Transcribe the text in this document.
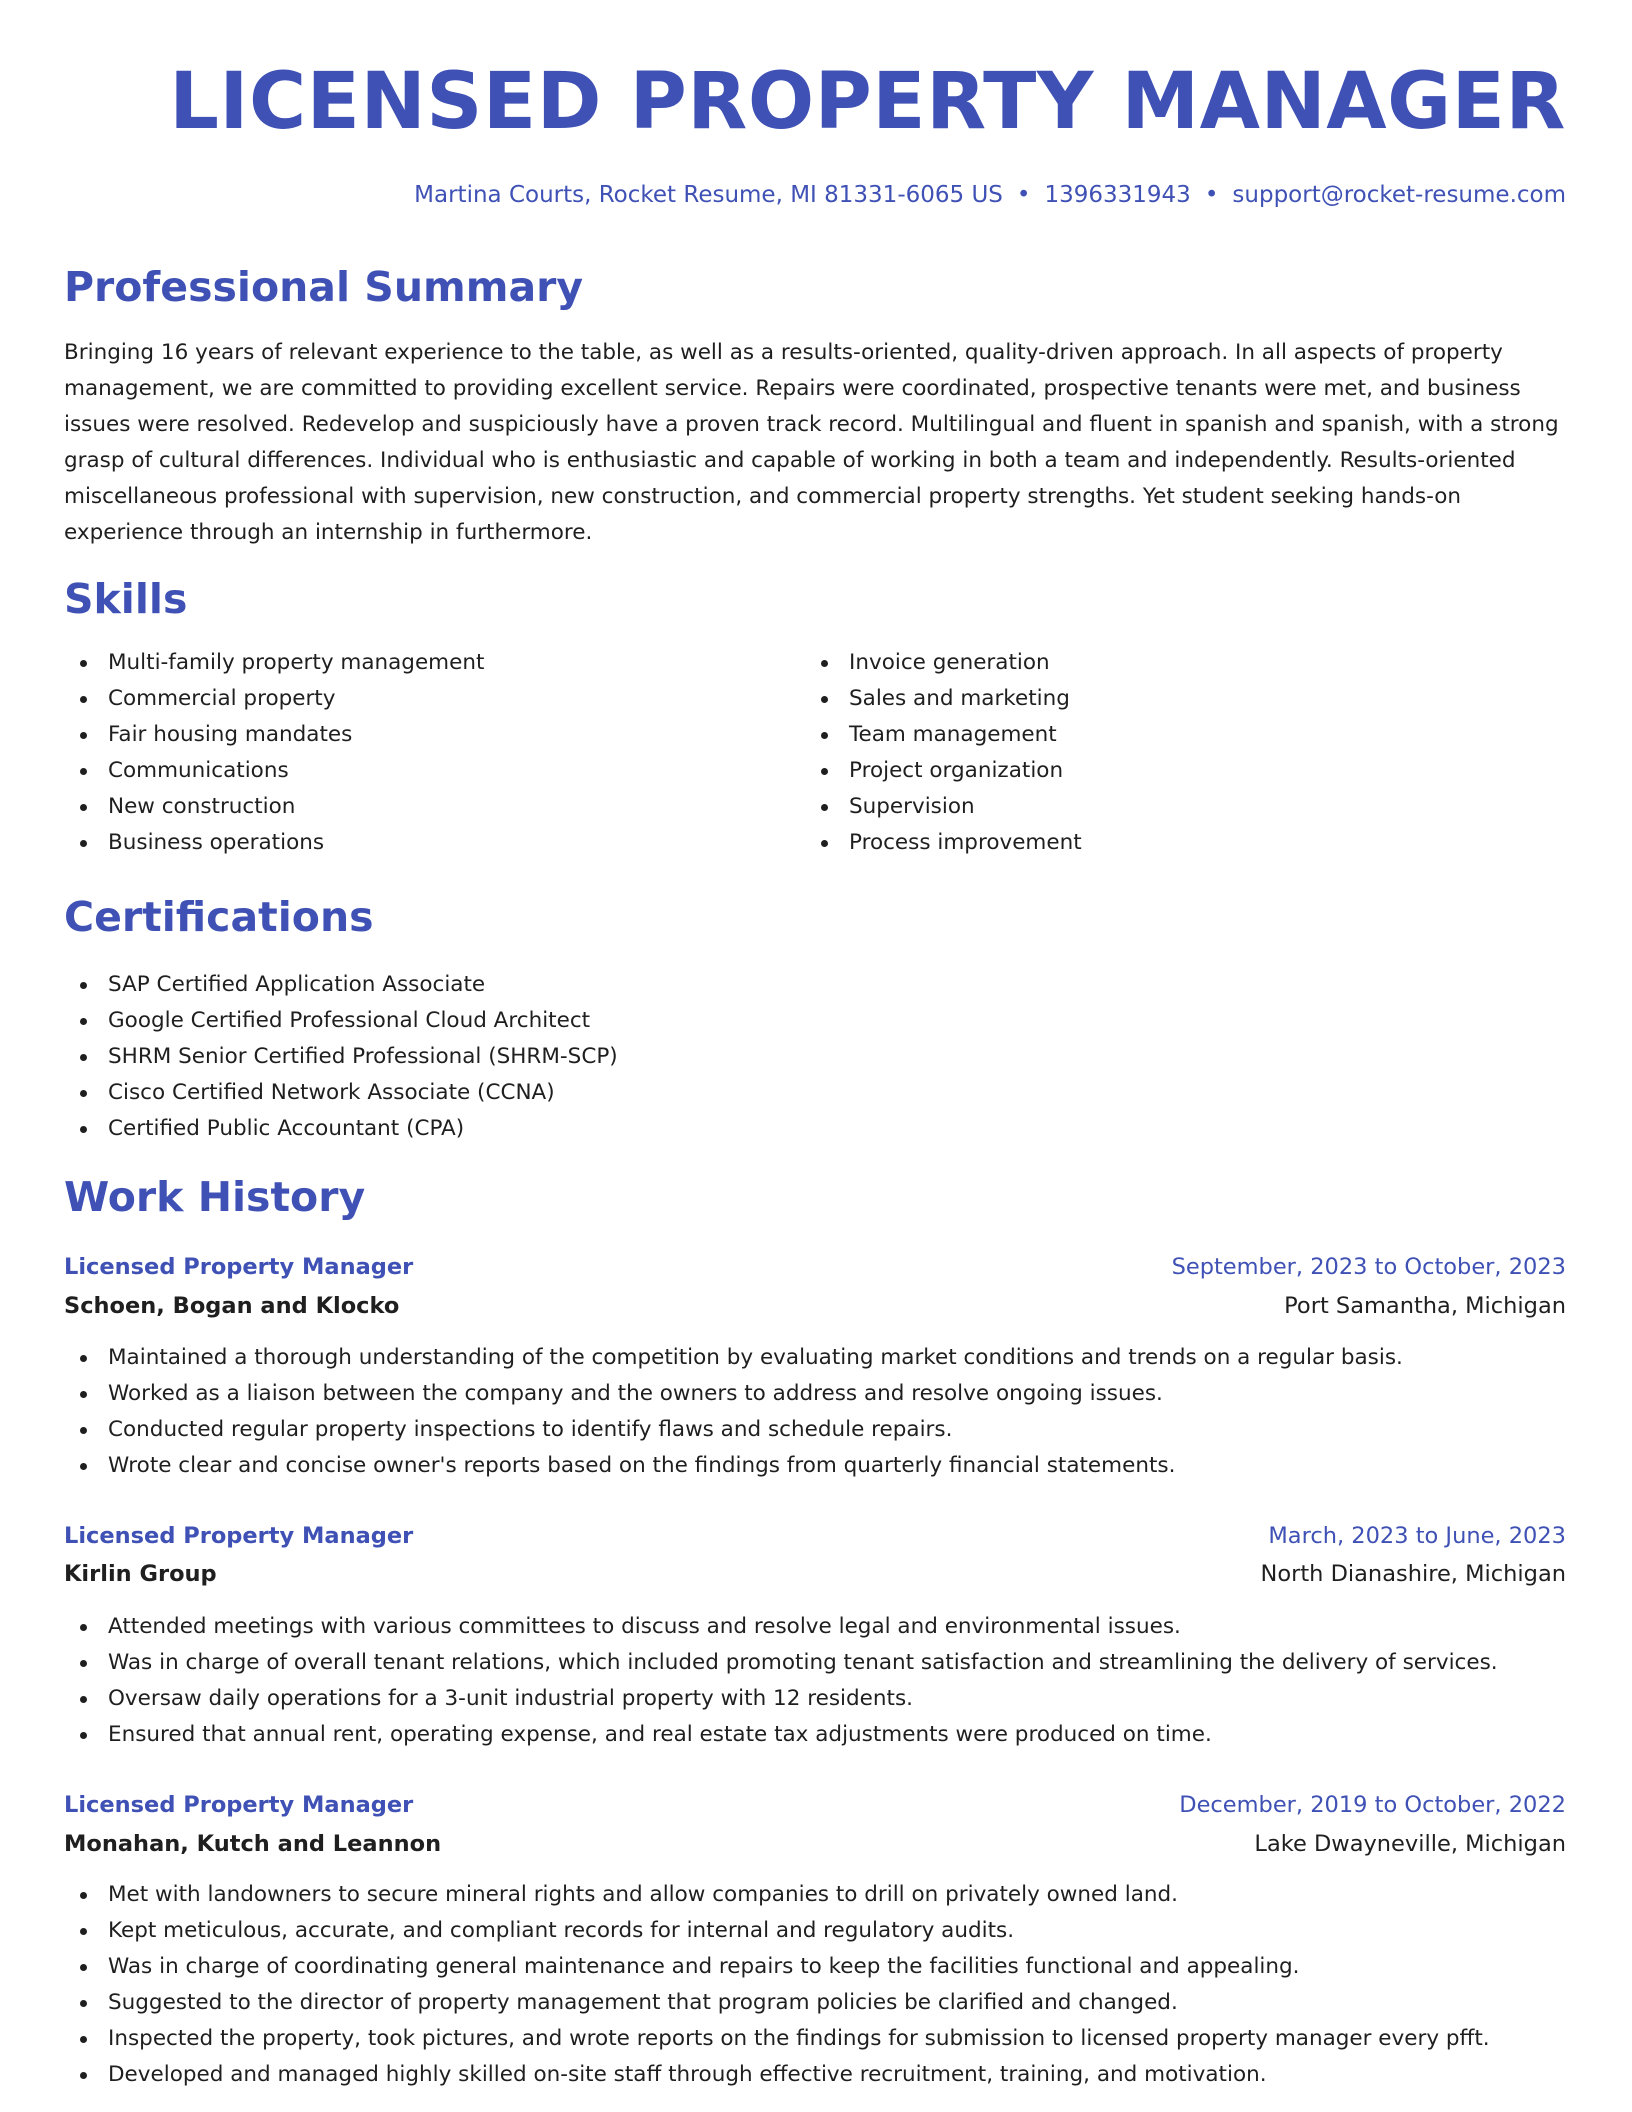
LICENSED PROPERTY MANAGER
Martina Courts, Rocket Resume, MI 81331-6065 US • 1396331943 • support@rocket-resume.com
Professional Summary

Bringing 16 years of relevant experience to the table, as well as a results-oriented, quality-driven approach. In all aspects of property management, we are committed to providing excellent service. Repairs were coordinated, prospective tenants were met, and business issues were resolved. Redevelop and suspiciously have a proven track record. Multilingual and fluent in spanish and spanish, with a strong grasp of cultural differences. Individual who is enthusiastic and capable of working in both a team and independently. Results-oriented miscellaneous professional with supervision, new construction, and commercial property strengths. Yet student seeking hands-on experience through an internship in furthermore.

Skills
Multi-family property management
Commercial property
Fair housing mandates
Communications
New construction
Business operations
Invoice generation
Sales and marketing
Team management
Project organization
Supervision
Process improvement
Certifications
SAP Certified Application Associate
Google Certified Professional Cloud Architect
SHRM Senior Certified Professional (SHRM-SCP)
Cisco Certified Network Associate (CCNA)
Certified Public Accountant (CPA)
Work History
Licensed Property Manager	September, 2023 to October, 2023
Schoen, Bogan and Klocko	Port Samantha, Michigan
Maintained a thorough understanding of the competition by evaluating market conditions and trends on a regular basis.
Worked as a liaison between the company and the owners to address and resolve ongoing issues.
Conducted regular property inspections to identify flaws and schedule repairs.
Wrote clear and concise owner's reports based on the findings from quarterly financial statements.
Licensed Property Manager	March, 2023 to June, 2023
Kirlin Group	North Dianashire, Michigan
Attended meetings with various committees to discuss and resolve legal and environmental issues.
Was in charge of overall tenant relations, which included promoting tenant satisfaction and streamlining the delivery of services.
Oversaw daily operations for a 3-unit industrial property with 12 residents.
Ensured that annual rent, operating expense, and real estate tax adjustments were produced on time.
Licensed Property Manager	December, 2019 to October, 2022
Monahan, Kutch and Leannon	Lake Dwayneville, Michigan
Met with landowners to secure mineral rights and allow companies to drill on privately owned land.
Kept meticulous, accurate, and compliant records for internal and regulatory audits.
Was in charge of coordinating general maintenance and repairs to keep the facilities functional and appealing.
Suggested to the director of property management that program policies be clarified and changed.
Inspected the property, took pictures, and wrote reports on the findings for submission to licensed property manager every pfft.
Developed and managed highly skilled on-site staff through effective recruitment, training, and motivation.
